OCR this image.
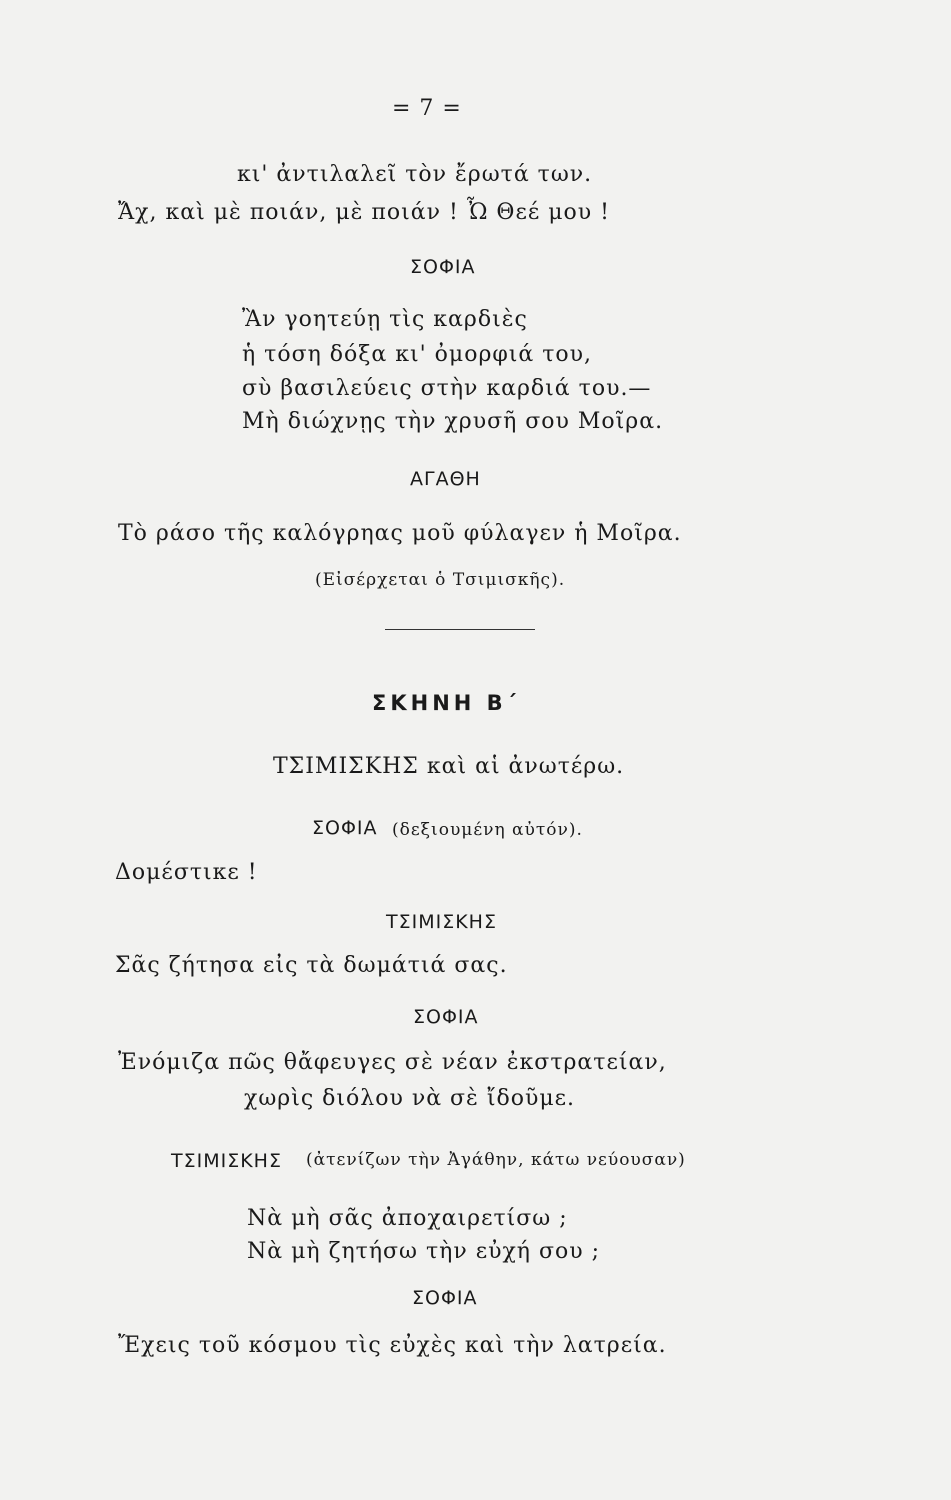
= 7 =
κι' ἀντιλαλεῖ τὸν ἔρωτά των.
Ἄχ, καὶ μὲ ποιάν, μὲ ποιάν ! Ὦ Θεέ μου !
ΣΟΦΙΑ
Ἂν γοητεύῃ τὶς καρδιὲς
ἡ τόση δόξα κι' ὀμορφιά του,
σὺ βασιλεύεις στὴν καρδιά του.—
Μὴ διώχνῃς τὴν χρυσῆ σου Μοῖρα.
ΑΓΑΘΗ
Τὸ ράσο τῆς καλόγρηας μοῦ φύλαγεν ἡ Μοῖρα.
(Εἰσέρχεται ὁ Τσιμισκῆς).
ΣΚΗΝΗ Β΄
ΤΣΙΜΙΣΚΗΣ καὶ αἱ ἀνωτέρω.
ΣΟΦΙΑ (δεξιουμένη αὐτόν).
Δομέστικε !
ΤΣΙΜΙΣΚΗΣ
Σᾶς ζήτησα εἰς τὰ δωμάτιά σας.
ΣΟΦΙΑ
Ἐνόμιζα πῶς θἄφευγες σὲ νέαν ἐκστρατείαν,
χωρὶς διόλου νὰ σὲ ἴδοῦμε.
ΤΣΙΜΙΣΚΗΣ (ἀτενίζων τὴν Ἀγάθην, κάτω νεύουσαν)
Νὰ μὴ σᾶς ἀποχαιρετίσω ;
Νὰ μὴ ζητήσω τὴν εὐχή σου ;
ΣΟΦΙΑ
Ἔχεις τοῦ κόσμου τὶς εὐχὲς καὶ τὴν λατρεία.
